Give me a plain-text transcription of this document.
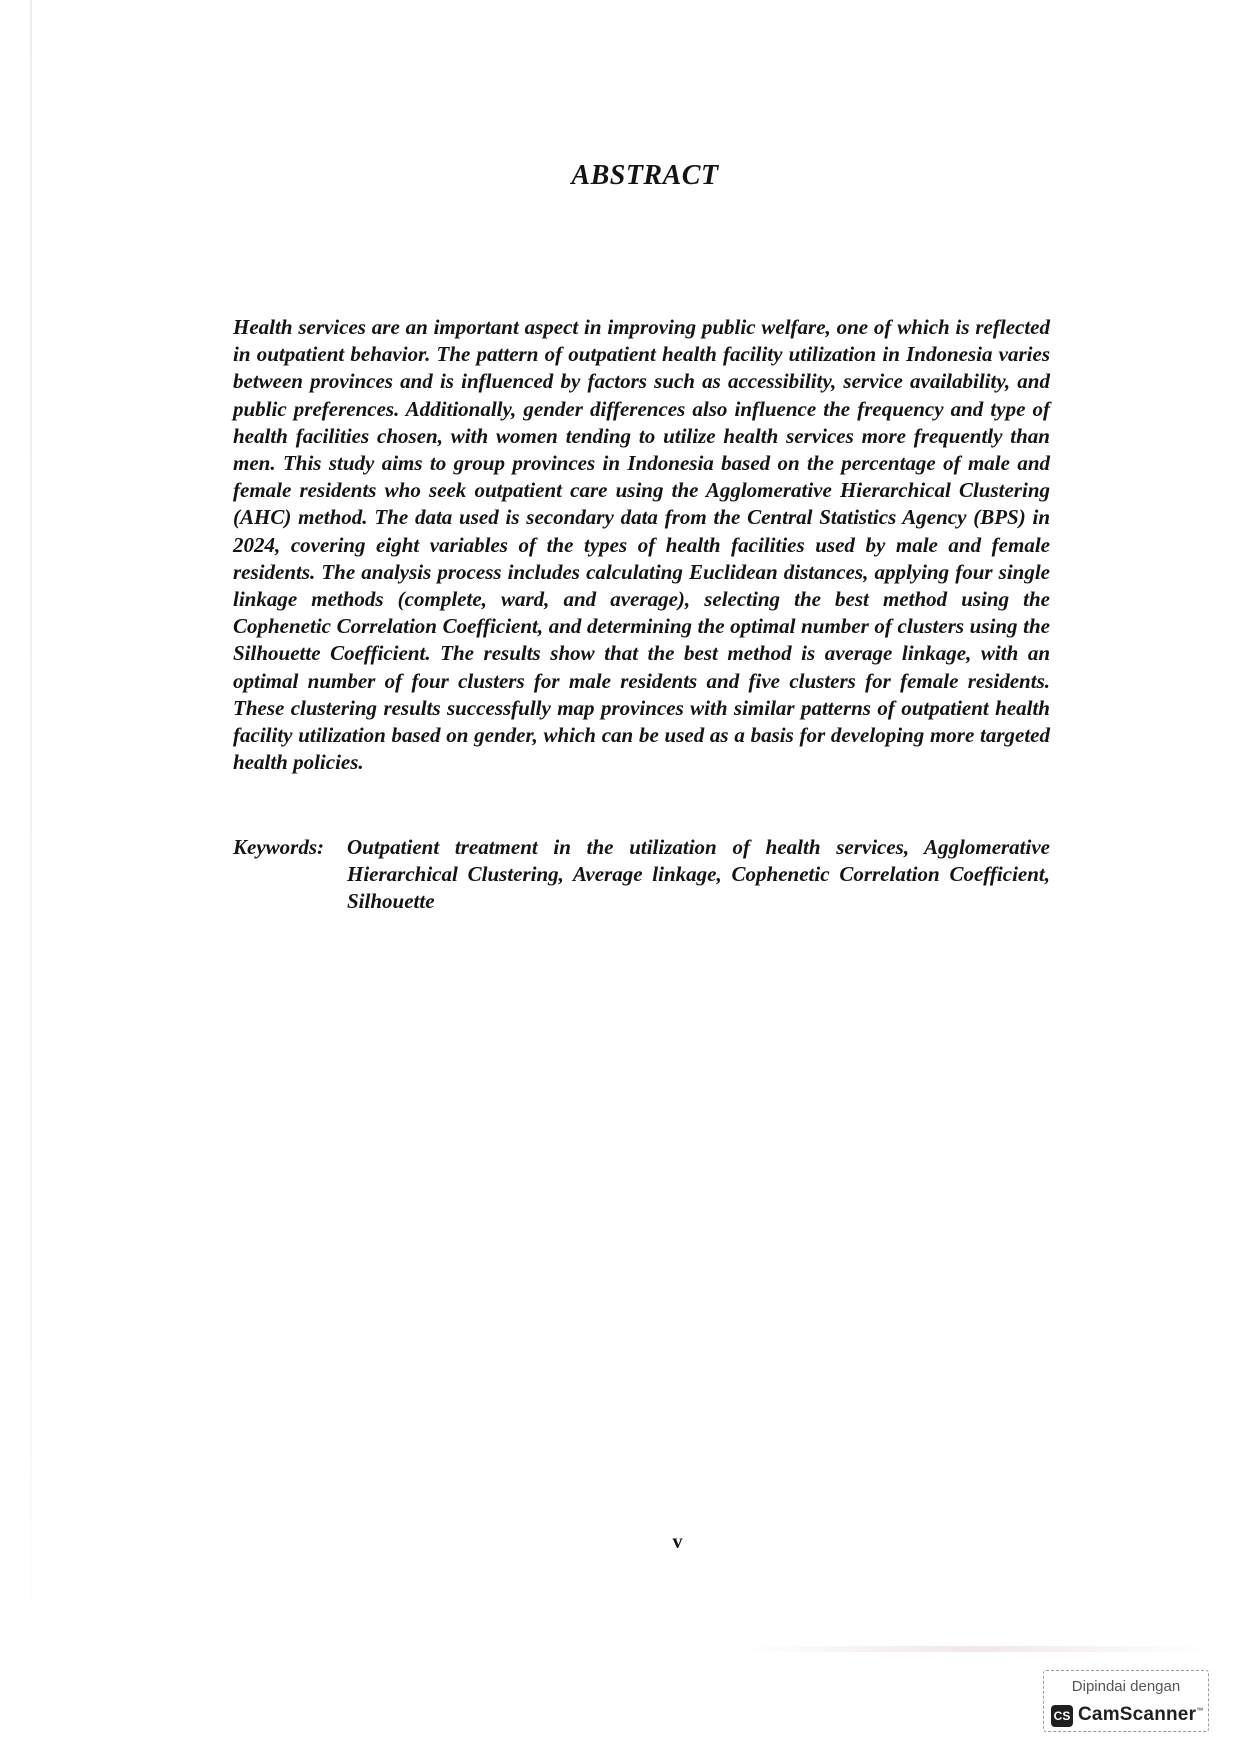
ABSTRACT

Health services are an important aspect in improving public welfare, one of which is reflected in outpatient behavior. The pattern of outpatient health facility utilization in Indonesia varies between provinces and is influenced by factors such as accessibility, service availability, and public preferences. Additionally, gender differences also influence the frequency and type of health facilities chosen, with women tending to utilize health services more frequently than men. This study aims to group provinces in Indonesia based on the percentage of male and female residents who seek outpatient care using the Agglomerative Hierarchical Clustering (AHC) method. The data used is secondary data from the Central Statistics Agency (BPS) in 2024, covering eight variables of the types of health facilities used by male and female residents. The analysis process includes calculating Euclidean distances, applying four single linkage methods (complete, ward, and average), selecting the best method using the Cophenetic Correlation Coefficient, and determining the optimal number of clusters using the Silhouette Coefficient. The results show that the best method is average linkage, with an optimal number of four clusters for male residents and five clusters for female residents. These clustering results successfully map provinces with similar patterns of outpatient health facility utilization based on gender, which can be used as a basis for developing more targeted health policies.

Keywords: Outpatient treatment in the utilization of health services, Agglomerative Hierarchical Clustering, Average linkage, Cophenetic Correlation Coefficient, Silhouette
v
Dipindai dengan
CS CamScanner™
